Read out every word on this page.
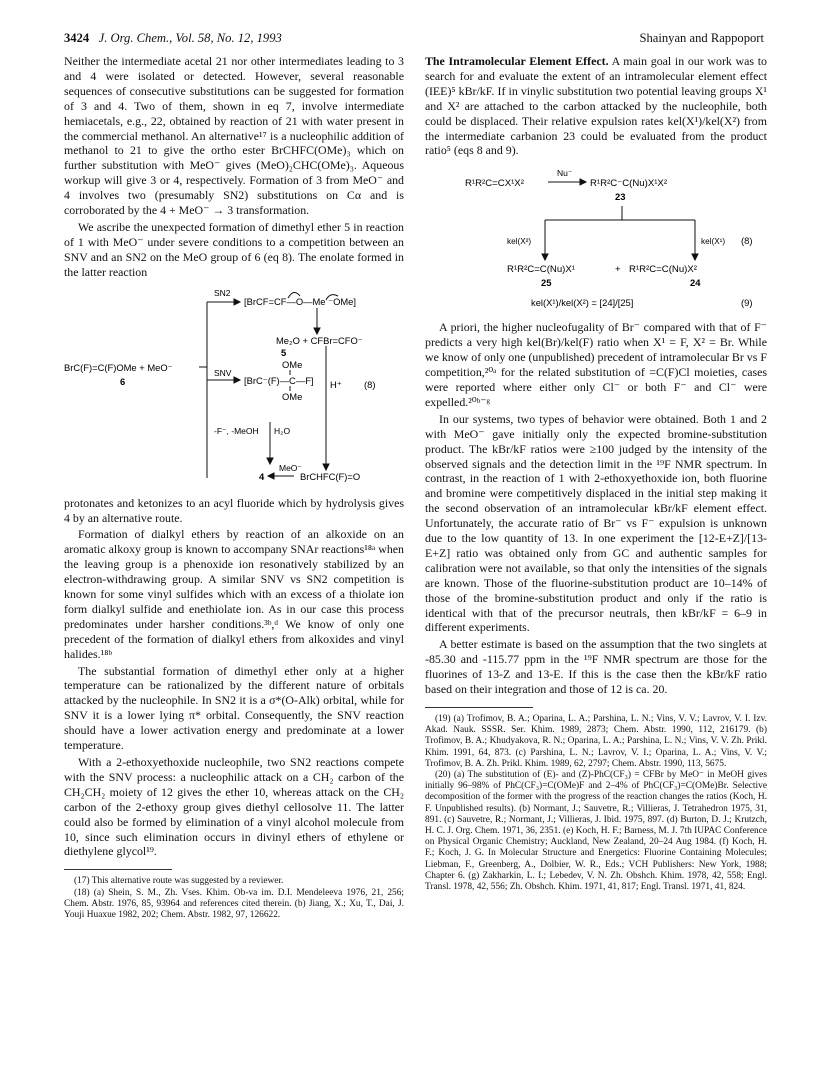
3424 J. Org. Chem., Vol. 58, No. 12, 1993	Shainyan and Rappoport

Neither the intermediate acetal 21 nor other intermediates leading to 3 and 4 were isolated or detected. However, several reasonable sequences of consecutive substitutions can be suggested for formation of 3 and 4. Two of them, shown in eq 7, involve intermediate hemiacetals, e.g., 22, obtained by reaction of 21 with water present in the commercial methanol. An alternative¹⁷ is a nucleophilic addition of methanol to 21 to give the ortho ester BrCHFC(OMe)₃ which on further substitution with MeO⁻ gives (MeO)₂CHC(OMe)₃. Aqueous workup will give 3 or 4, respectively. Formation of 3 from MeO⁻ and 4 involves two (presumably SN2) substitutions on Cα and is corroborated by the 4 + MeO⁻ → 3 transformation.

We ascribe the unexpected formation of dimethyl ether 5 in reaction of 1 with MeO⁻ under severe conditions to a competition between an SNV and an SN2 on the MeO group of 6 (eq 8). The enolate formed in the latter reaction

SN2
[BrCF=CF—O—Me ⁻OMe]
BrC(F)=C(F)OMe + MeO⁻
6
Me₂O + CFBr=CFO⁻
5
SNV
OMe
[BrC⁻(F)—C—F]
OMe
H⁺ (8)
-F⁻, -MeOH H₂O
MeO⁻
4	BrCHFC(F)=O

protonates and ketonizes to an acyl fluoride which by hydrolysis gives 4 by an alternative route.

Formation of dialkyl ethers by reaction of an alkoxide on an aromatic alkoxy group is known to accompany SNAr reactions¹⁸ᵃ when the leaving group is a phenoxide ion resonatively stabilized by an electron-withdrawing group. A similar SNV vs SN2 competition is known for some vinyl sulfides which with an excess of a thiolate ion form dialkyl sulfide and enethiolate ion. As in our case this process predominates under harsher conditions.³ᵇ,ᵈ We know of only one precedent of the formation of dialkyl ethers from alkoxides and vinyl halides.¹⁸ᵇ

The substantial formation of dimethyl ether only at a higher temperature can be rationalized by the different nature of orbitals attacked by the nucleophile. In SN2 it is a σ*(O-Alk) orbital, while for SNV it is a lower lying π* orbital. Consequently, the SNV reaction should have a lower activation energy and predominate at a lower temperature.

With a 2-ethoxyethoxide nucleophile, two SN2 reactions compete with the SNV process: a nucleophilic attack on a CH₂ carbon of the CH₂CH₂ moiety of 12 gives the ether 10, whereas attack on the CH₂ carbon of the 2-ethoxy group gives diethyl cellosolve 11. The latter could also be formed by elimination of a vinyl alcohol molecule from 10, since such elimination occurs in divinyl ethers of ethylene or diethylene glycol¹⁹.

(17) This alternative route was suggested by a reviewer.

(18) (a) Shein, S. M., Zh. Vses. Khim. Ob-va im. D.I. Mendeleeva 1976, 21, 256; Chem. Abstr. 1976, 85, 93964 and references cited therein. (b) Jiang, X.; Xu, T., Dai, J. Youji Huaxue 1982, 202; Chem. Abstr. 1982, 97, 126622.

The Intramolecular Element Effect. A main goal in our work was to search for and evaluate the extent of an intramolecular element effect (IEE)⁵ kBr/kF. If in vinylic substitution two potential leaving groups X¹ and X² are attached to the carbon attacked by the nucleophile, both could be displaced. Their relative expulsion rates kel(X¹)/kel(X²) from the intermediate carbanion 23 could be evaluated from the product ratio⁵ (eqs 8 and 9).

R¹R²C=CX¹X²
Nu⁻
R¹R²C⁻C(Nu)X¹X²
23
kel(X²)	kel(X¹) (8)
R¹R²C=C(Nu)X¹	+ R¹R²C=C(Nu)X²
25	24
kel(X¹)/kel(X²) = [24]/[25]	(9)

A priori, the higher nucleofugality of Br⁻ compared with that of F⁻ predicts a very high kel(Br)/kel(F) ratio when X¹ = F, X² = Br. While we know of only one (unpublished) precedent of intramolecular Br vs F competition,²⁰ᵃ for the related substitution of =C(F)Cl moieties, cases were reported where either only Cl⁻ or both F⁻ and Cl⁻ were expelled.²⁰ᵇ⁻ᵍ

In our systems, two types of behavior were obtained. Both 1 and 2 with MeO⁻ gave initially only the expected bromine-substitution product. The kBr/kF ratios were ≥100 judged by the intensity of the observed signals and the detection limit in the ¹⁹F NMR spectrum. In contrast, in the reaction of 1 with 2-ethoxyethoxide ion, both fluorine and bromine were competitively displaced in the initial step making it the second observation of an intramolecular kBr/kF element effect. Unfortunately, the accurate ratio of Br⁻ vs F⁻ expulsion is unknown due to the low quantity of 13. In one experiment the [12-E+Z]/[13-E+Z] ratio was obtained only from GC and authentic samples for calibration were not available, so that only the intensities of the signals are known. Those of the fluorine-substitution product are 10–14% of those of the bromine-substitution product and only if the ratio is identical with that of the precursor neutrals, then kBr/kF = 6–9 in different experiments.

A better estimate is based on the assumption that the two singlets at -85.30 and -115.77 ppm in the ¹⁹F NMR spectrum are those for the fluorines of 13-Z and 13-E. If this is the case then the kBr/kF ratio based on their integration and those of 12 is ca. 20.

(19) (a) Trofimov, B. A.; Oparina, L. A.; Parshina, L. N.; Vins, V. V.; Lavrov, V. I. Izv. Akad. Nauk. SSSR. Ser. Khim. 1989, 2873; Chem. Abstr. 1990, 112, 216179. (b) Trofimov, B. A.; Khudyakova, R. N.; Oparina, L. A.; Parshina, L. N.; Vins, V. V. Zh. Prikl. Khim. 1991, 64, 873. (c) Parshina, L. N.; Lavrov, V. I.; Oparina, L. A.; Vins, V. V.; Trofimov, B. A. Zh. Prikl. Khim. 1989, 62, 2797; Chem. Abstr. 1990, 113, 5675.

(20) (a) The substitution of (E)- and (Z)-PhC(CF₃) = CFBr by MeO⁻ in MeOH gives initially 96–98% of PhC(CF₃)=C(OMe)F and 2–4% of PhC(CF₃)=C(OMe)Br. Selective decomposition of the former with the progress of the reaction changes the ratios (Koch, H. F. Unpublished results). (b) Normant, J.; Sauvetre, R.; Villieras, J. Tetrahedron 1975, 31, 891. (c) Sauvetre, R.; Normant, J.; Villieras, J. Ibid. 1975, 897. (d) Burton, D. J.; Krutzch, H. C. J. Org. Chem. 1971, 36, 2351. (e) Koch, H. F.; Barness, M. J. 7th IUPAC Conference on Physical Organic Chemistry; Auckland, New Zealand, 20–24 Aug 1984. (f) Koch, H. F.; Koch, J. G. In Molecular Structure and Energetics: Fluorine Containing Molecules; Liebman, F., Greenberg, A., Dolbier, W. R., Eds.; VCH Publishers: New York, 1988; Chapter 6. (g) Zakharkin, L. I.; Lebedev, V. N. Zh. Obshch. Khim. 1978, 42, 558; Engl. Transl. 1978, 42, 556; Zh. Obshch. Khim. 1971, 41, 817; Engl. Transl. 1971, 41, 824.
